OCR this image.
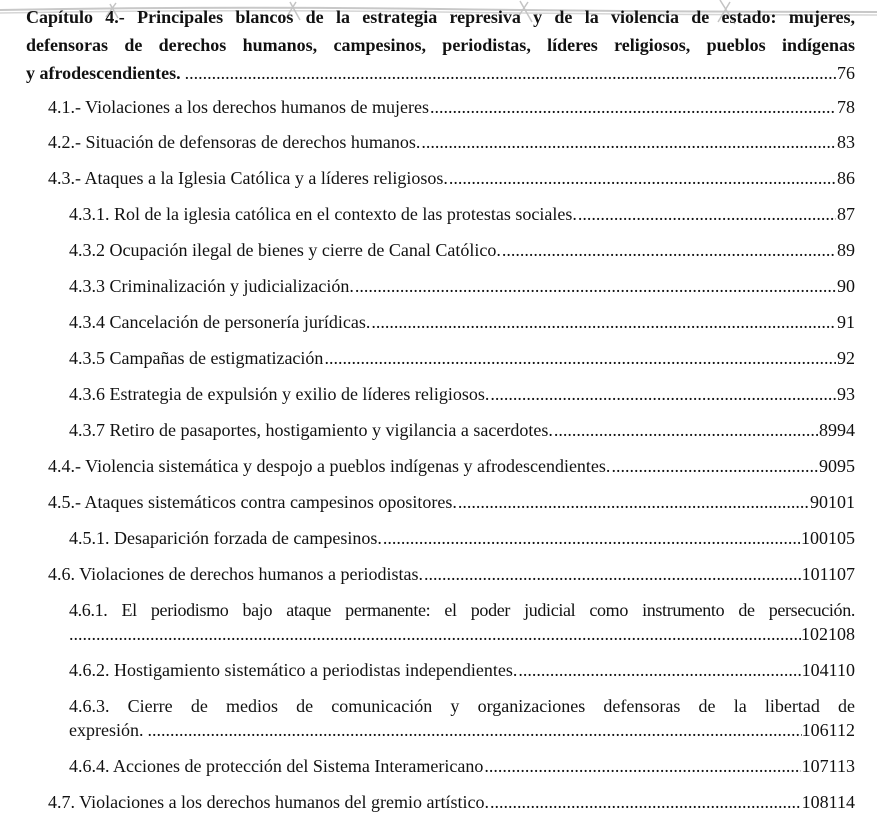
Capítulo 4.- Principales blancos de la estrategia represiva y de la violencia de estado: mujeres,
defensoras de derechos humanos, campesinos, periodistas, líderes religiosos, pueblos indígenas
y afrodescendientes. .....	76
4.1.- Violaciones a los derechos humanos de mujeres .....	78
4.2.- Situación de defensoras de derechos humanos. .....	83
4.3.- Ataques a la Iglesia Católica y a líderes religiosos. .....	86
4.3.1. Rol de la iglesia católica en el contexto de las protestas sociales. .....	87
4.3.2 Ocupación ilegal de bienes y cierre de Canal Católico. .....	89
4.3.3 Criminalización y judicialización. .....	90
4.3.4 Cancelación de personería jurídicas. .....	91
4.3.5 Campañas de estigmatización .....	92
4.3.6 Estrategia de expulsión y exilio de líderes religiosos. .....	93
4.3.7 Retiro de pasaportes, hostigamiento y vigilancia a sacerdotes. .....	8994
4.4.- Violencia sistemática y despojo a pueblos indígenas y afrodescendientes. .....	9095
4.5.- Ataques sistemáticos contra campesinos opositores. .....	90101
4.5.1. Desaparición forzada de campesinos. .....	100105
4.6. Violaciones de derechos humanos a periodistas. .....	101107
4.6.1. El periodismo bajo ataque permanente: el poder judicial como instrumento de persecución.
.....
102108
4.6.2. Hostigamiento sistemático a periodistas independientes. .....	104110
4.6.3. Cierre de medios de comunicación y organizaciones defensoras de la libertad de
expresión. .....	106112
4.6.4. Acciones de protección del Sistema Interamericano .....	107113
4.7. Violaciones a los derechos humanos del gremio artístico. .....	108114
